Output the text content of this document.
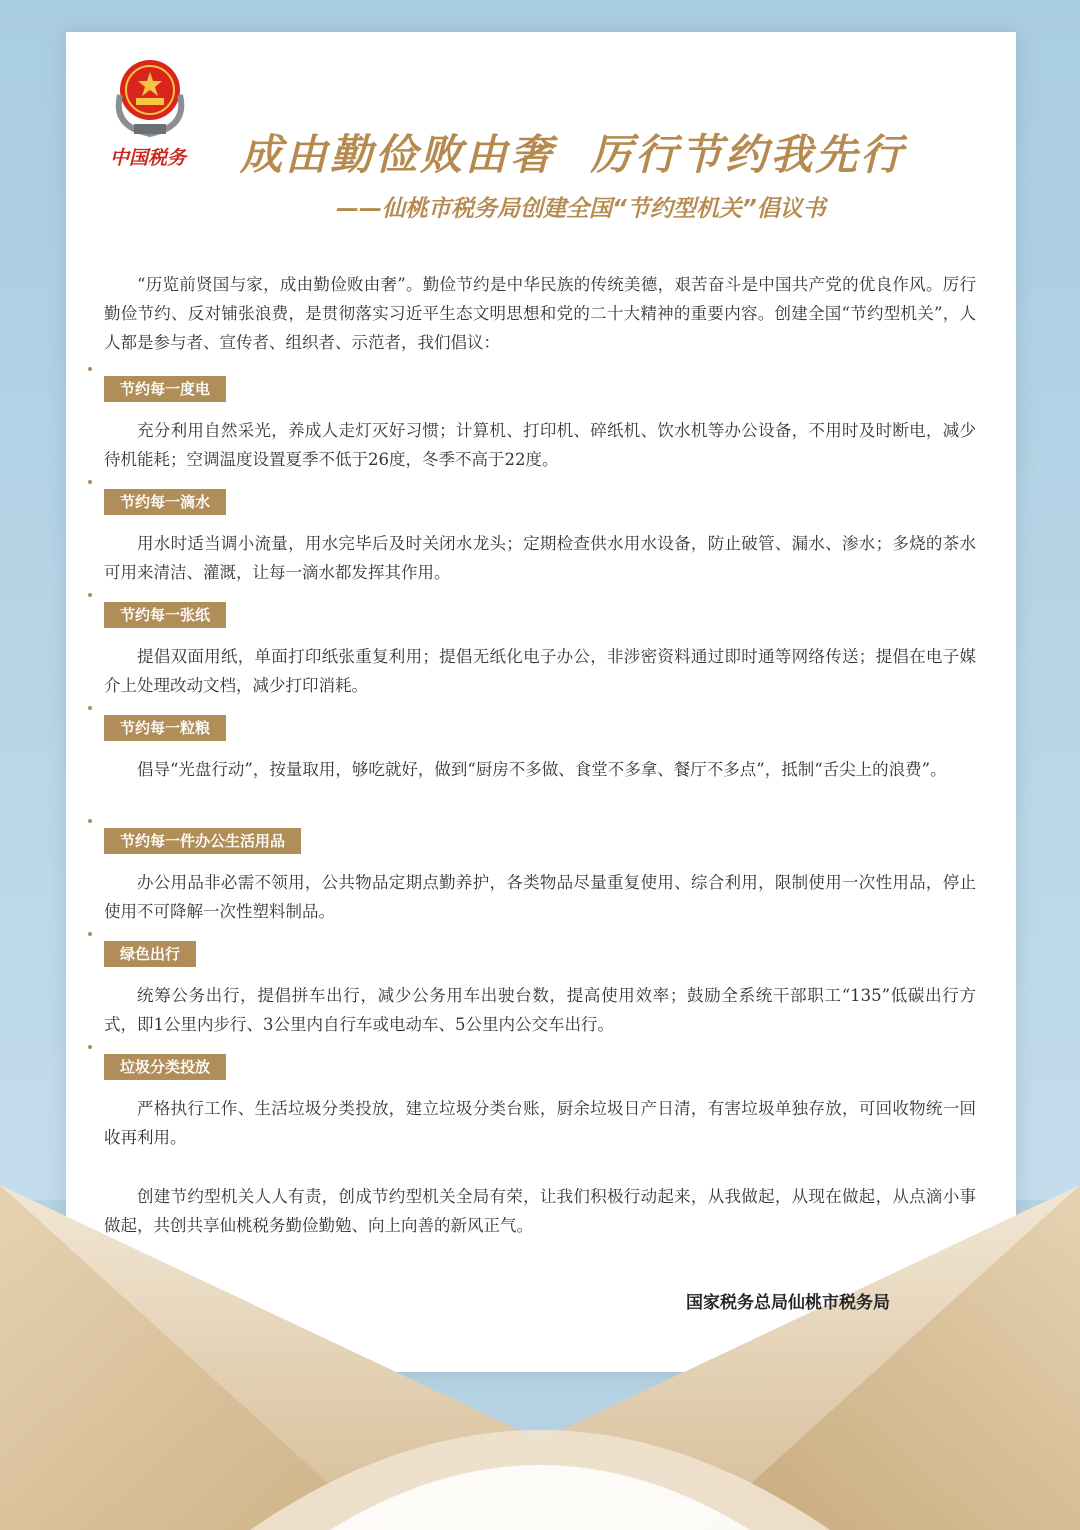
中国税务 成由勤俭败由奢  厉行节约我先行
——仙桃市税务局创建全国“节约型机关”倡议书

“历览前贤国与家，成由勤俭败由奢”。勤俭节约是中华民族的传统美德，艰苦奋斗是中国共产党的优良作风。厉行勤俭节约、反对铺张浪费，是贯彻落实习近平生态文明思想和党的二十大精神的重要内容。创建全国“节约型机关”，人人都是参与者、宣传者、组织者、示范者，我们倡议：

节约每一度电

充分利用自然采光，养成人走灯灭好习惯；计算机、打印机、碎纸机、饮水机等办公设备，不用时及时断电，减少待机能耗；空调温度设置夏季不低于26度，冬季不高于22度。

节约每一滴水

用水时适当调小流量，用水完毕后及时关闭水龙头；定期检查供水用水设备，防止破管、漏水、渗水；多烧的茶水可用来清洁、灌溉，让每一滴水都发挥其作用。

节约每一张纸

提倡双面用纸，单面打印纸张重复利用；提倡无纸化电子办公，非涉密资料通过即时通等网络传送；提倡在电子媒介上处理改动文档，减少打印消耗。

节约每一粒粮

倡导“光盘行动”，按量取用，够吃就好，做到“厨房不多做、食堂不多拿、餐厅不多点”，抵制“舌尖上的浪费”。

节约每一件办公生活用品

办公用品非必需不领用，公共物品定期点勤养护，各类物品尽量重复使用、综合利用，限制使用一次性用品，停止使用不可降解一次性塑料制品。

绿色出行

统筹公务出行，提倡拼车出行，减少公务用车出驶台数，提高使用效率；鼓励全系统干部职工“135”低碳出行方式，即1公里内步行、3公里内自行车或电动车、5公里内公交车出行。

垃圾分类投放

严格执行工作、生活垃圾分类投放，建立垃圾分类台账，厨余垃圾日产日清，有害垃圾单独存放，可回收物统一回收再利用。

创建节约型机关人人有责，创成节约型机关全局有荣，让我们积极行动起来，从我做起，从现在做起，从点滴小事做起，共创共享仙桃税务勤俭勤勉、向上向善的新风正气。

国家税务总局仙桃市税务局
